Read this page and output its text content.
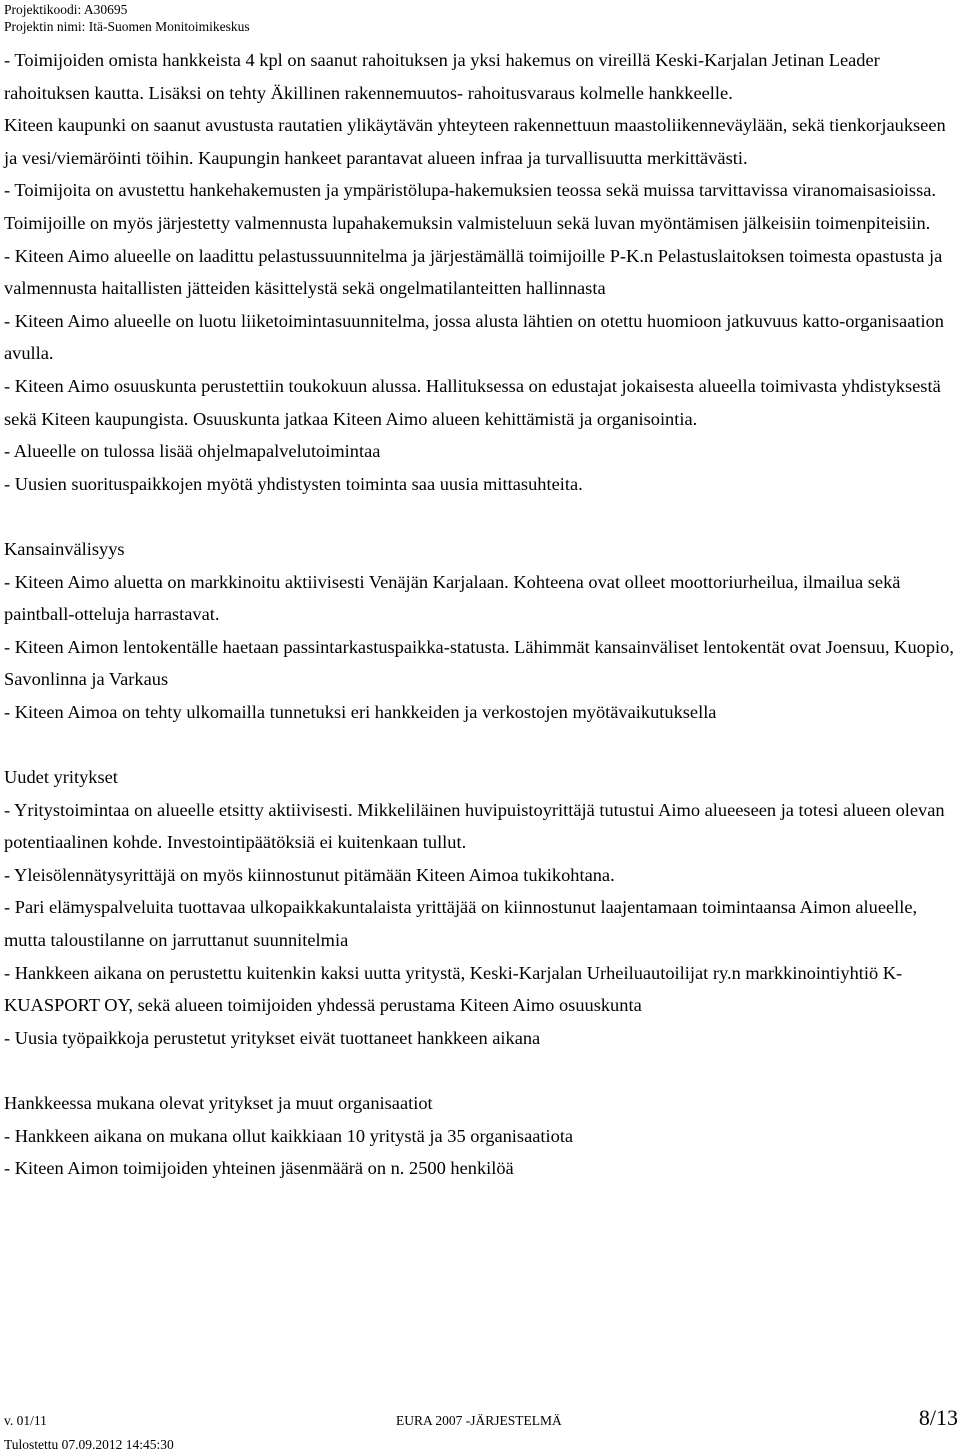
Projektikoodi: A30695
Projektin nimi: Itä-Suomen Monitoimikeskus

- Toimijoiden omista hankkeista 4 kpl on saanut rahoituksen ja yksi hakemus on vireillä Keski-Karjalan Jetinan Leader rahoituksen kautta. Lisäksi on tehty Äkillinen rakennemuutos- rahoitusvaraus kolmelle hankkeelle.

Kiteen kaupunki on saanut avustusta rautatien ylikäytävän yhteyteen rakennettuun maastoliikenneväylään, sekä tienkorjaukseen ja vesi/viemäröinti töihin. Kaupungin hankeet parantavat alueen infraa ja turvallisuutta merkittävästi.

- Toimijoita on avustettu hankehakemusten ja ympäristölupa-hakemuksien teossa sekä muissa tarvittavissa viranomaisasioissa. Toimijoille on myös järjestetty valmennusta lupahakemuksin valmisteluun sekä luvan myöntämisen jälkeisiin toimenpiteisiin.

- Kiteen Aimo alueelle on laadittu pelastussuunnitelma ja järjestämällä toimijoille P-K.n Pelastuslaitoksen toimesta opastusta ja valmennusta haitallisten jätteiden käsittelystä sekä ongelmatilanteitten hallinnasta

- Kiteen Aimo alueelle on luotu liiketoimintasuunnitelma, jossa alusta lähtien on otettu huomioon jatkuvuus katto-organisaation avulla.

- Kiteen Aimo osuuskunta perustettiin toukokuun alussa. Hallituksessa on edustajat jokaisesta alueella toimivasta yhdistyksestä sekä Kiteen kaupungista. Osuuskunta jatkaa Kiteen Aimo alueen kehittämistä ja organisointia.

- Alueelle on tulossa lisää ohjelmapalvelutoimintaa

- Uusien suorituspaikkojen myötä yhdistysten toiminta saa uusia mittasuhteita.

Kansainvälisyys

- Kiteen Aimo aluetta on markkinoitu aktiivisesti Venäjän Karjalaan. Kohteena ovat olleet moottoriurheilua, ilmailua sekä paintball-otteluja harrastavat.

- Kiteen Aimon lentokentälle haetaan passintarkastuspaikka-statusta. Lähimmät kansainväliset lentokentät ovat Joensuu, Kuopio, Savonlinna ja Varkaus

- Kiteen Aimoa on tehty ulkomailla tunnetuksi eri hankkeiden ja verkostojen myötävaikutuksella

Uudet yritykset

- Yritystoimintaa on alueelle etsitty aktiivisesti. Mikkeliläinen huvipuistoyrittäjä tutustui Aimo alueeseen ja totesi alueen olevan potentiaalinen kohde. Investointipäätöksiä ei kuitenkaan tullut.

- Yleisölennätysyrittäjä on myös kiinnostunut pitämään Kiteen Aimoa tukikohtana.

- Pari elämyspalveluita tuottavaa ulkopaikkakuntalaista yrittäjää on kiinnostunut laajentamaan toimintaansa Aimon alueelle, mutta taloustilanne on jarruttanut suunnitelmia

- Hankkeen aikana on perustettu kuitenkin kaksi uutta yritystä, Keski-Karjalan Urheiluautoilijat ry.n markkinointiyhtiö K-KUASPORT OY, sekä alueen toimijoiden yhdessä perustama Kiteen Aimo osuuskunta

- Uusia työpaikkoja perustetut yritykset eivät tuottaneet hankkeen aikana

Hankkeessa mukana olevat yritykset ja muut organisaatiot

- Hankkeen aikana on mukana ollut kaikkiaan 10 yritystä ja 35 organisaatiota

- Kiteen Aimon toimijoiden yhteinen jäsenmäärä on n. 2500 henkilöä

v. 01/11	EURA 2007 -JÄRJESTELMÄ	8/13
Tulostettu 07.09.2012 14:45:30
